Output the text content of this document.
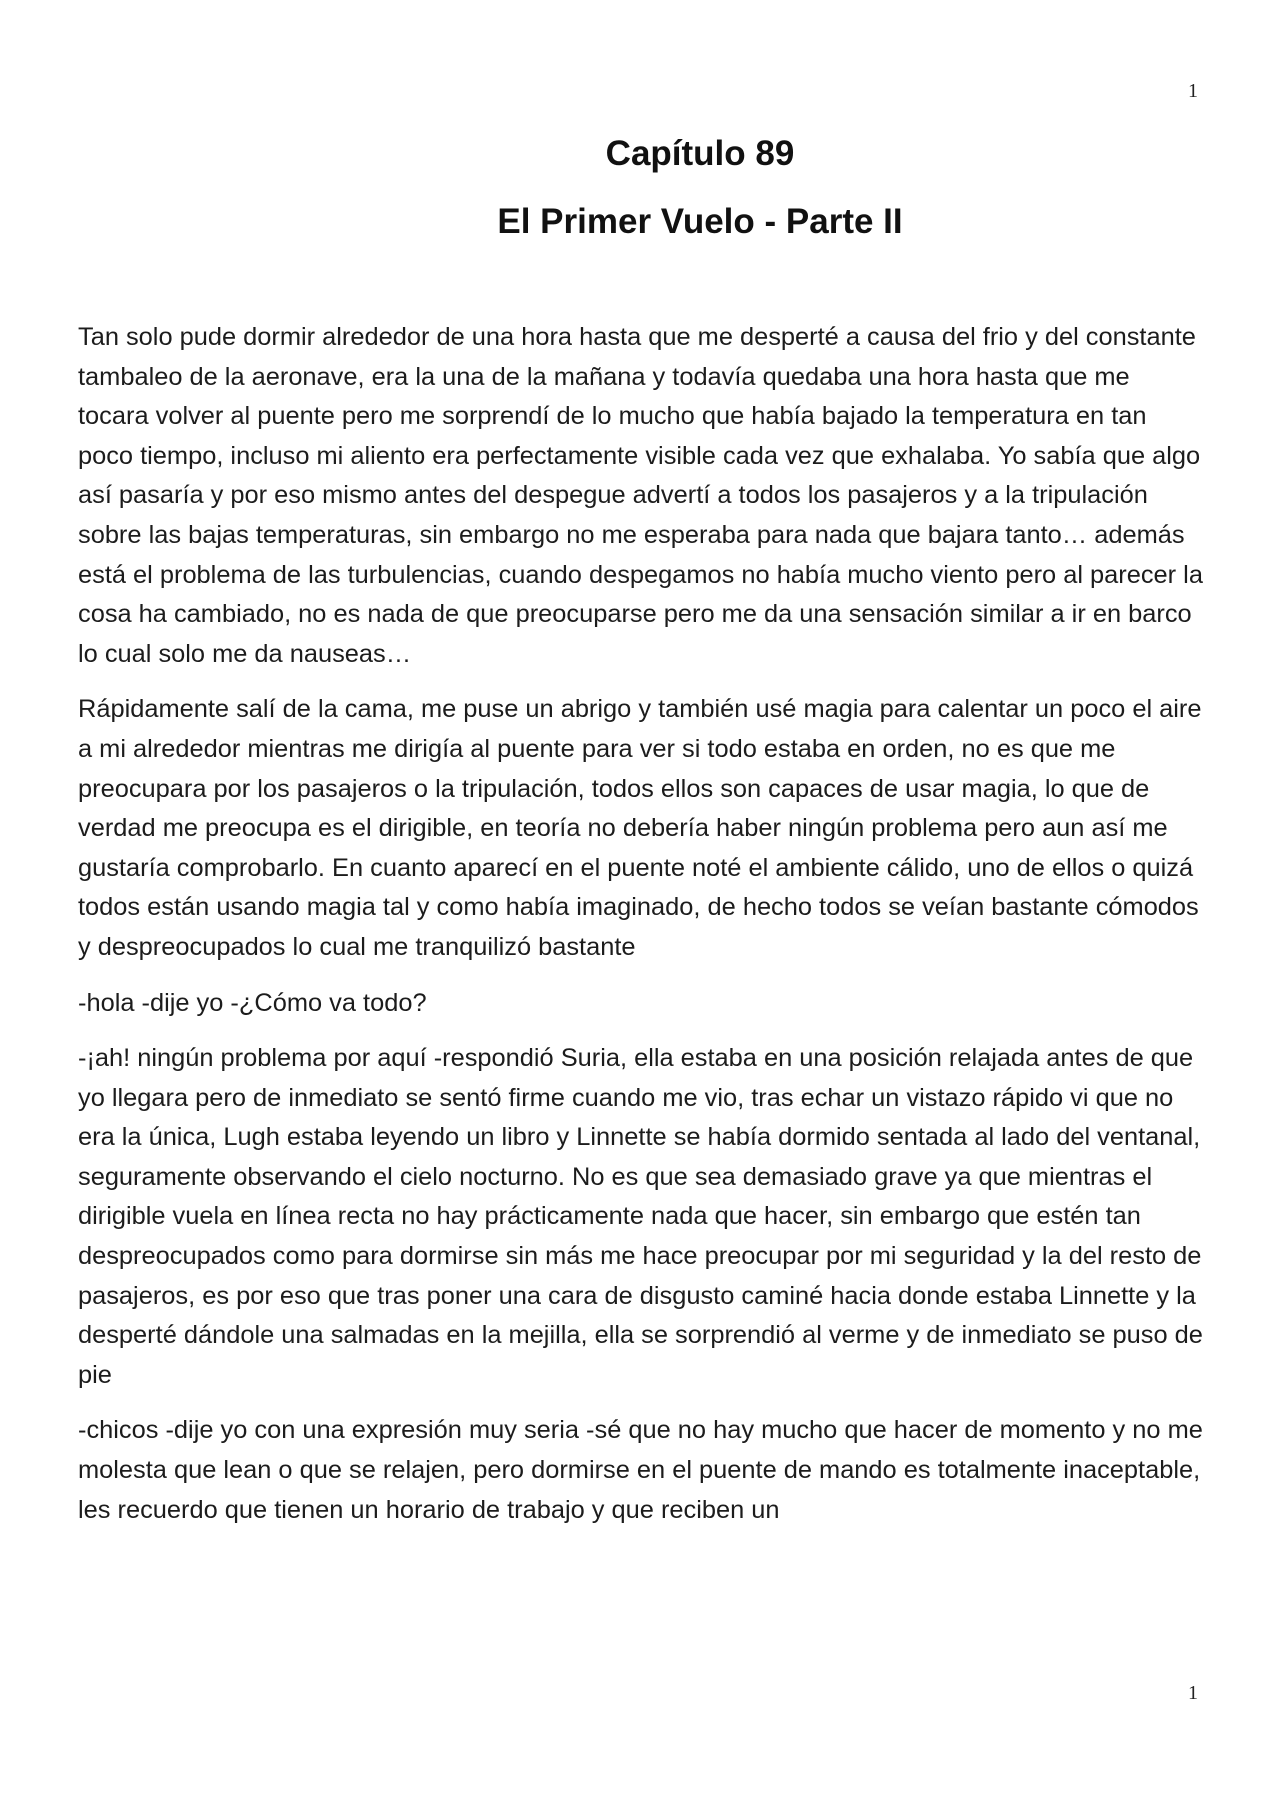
1
Capítulo 89
El Primer Vuelo - Parte II

Tan solo pude dormir alrededor de una hora hasta que me desperté a causa del frio y del constante tambaleo de la aeronave, era la una de la mañana y todavía quedaba una hora hasta que me tocara volver al puente pero me sorprendí de lo mucho que había bajado la temperatura en tan poco tiempo, incluso mi aliento era perfectamente visible cada vez que exhalaba. Yo sabía que algo así pasaría y por eso mismo antes del despegue advertí a todos los pasajeros y a la tripulación sobre las bajas temperaturas, sin embargo no me esperaba para nada que bajara tanto… además está el problema de las turbulencias, cuando despegamos no había mucho viento pero al parecer la cosa ha cambiado, no es nada de que preocuparse pero me da una sensación similar a ir en barco lo cual solo me da nauseas…

Rápidamente salí de la cama, me puse un abrigo y también usé magia para calentar un poco el aire a mi alrededor mientras me dirigía al puente para ver si todo estaba en orden, no es que me preocupara por los pasajeros o la tripulación, todos ellos son capaces de usar magia, lo que de verdad me preocupa es el dirigible, en teoría no debería haber ningún problema pero aun así me gustaría comprobarlo. En cuanto aparecí en el puente noté el ambiente cálido, uno de ellos o quizá todos están usando magia tal y como había imaginado, de hecho todos se veían bastante cómodos y despreocupados lo cual me tranquilizó bastante

-hola -dije yo -¿Cómo va todo?

-¡ah! ningún problema por aquí -respondió Suria, ella estaba en una posición relajada antes de que yo llegara pero de inmediato se sentó firme cuando me vio, tras echar un vistazo rápido vi que no era la única, Lugh estaba leyendo un libro y Linnette se había dormido sentada al lado del ventanal, seguramente observando el cielo nocturno. No es que sea demasiado grave ya que mientras el dirigible vuela en línea recta no hay prácticamente nada que hacer, sin embargo que estén tan despreocupados como para dormirse sin más me hace preocupar por mi seguridad y la del resto de pasajeros, es por eso que tras poner una cara de disgusto caminé hacia donde estaba Linnette y la desperté dándole una salmadas en la mejilla, ella se sorprendió al verme y de inmediato se puso de pie

-chicos -dije yo con una expresión muy seria -sé que no hay mucho que hacer de momento y no me molesta que lean o que se relajen, pero dormirse en el puente de mando es totalmente inaceptable, les recuerdo que tienen un horario de trabajo y que reciben un

1
